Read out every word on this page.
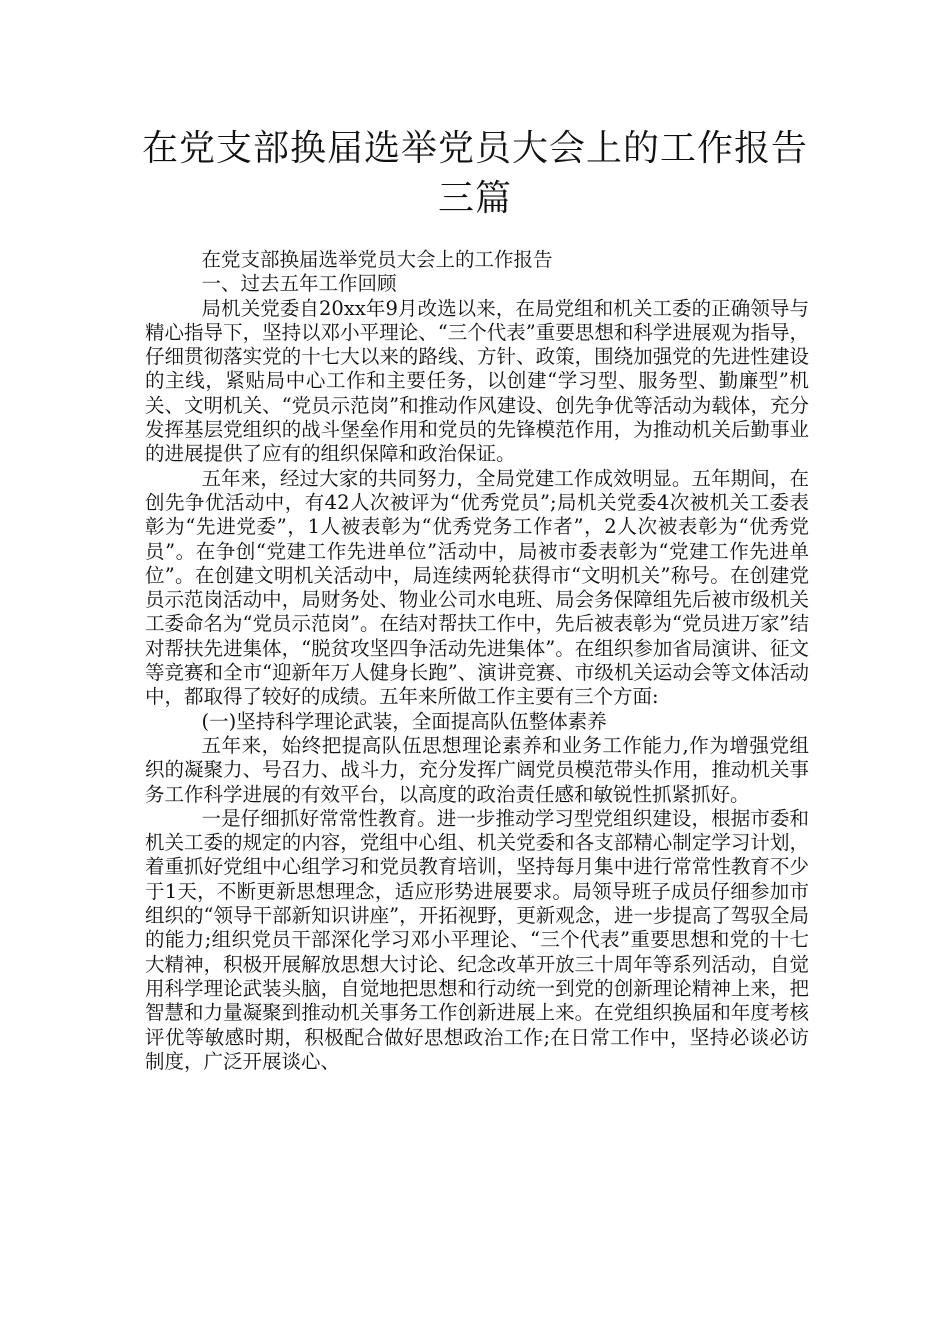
在党支部换届选举党员大会上的工作报告
三篇

在党支部换届选举党员大会上的工作报告

一、过去五年工作回顾

局机关党委自20xx年9月改选以来，在局党组和机关工委的正确领导与精心指导下，坚持以邓小平理论、“三个代表”重要思想和科学进展观为指导，仔细贯彻落实党的十七大以来的路线、方针、政策，围绕加强党的先进性建设的主线，紧贴局中心工作和主要任务，以创建“学习型、服务型、勤廉型”机关、文明机关、“党员示范岗”和推动作风建设、创先争优等活动为载体，充分发挥基层党组织的战斗堡垒作用和党员的先锋模范作用，为推动机关后勤事业的进展提供了应有的组织保障和政治保证。

五年来，经过大家的共同努力，全局党建工作成效明显。五年期间，在创先争优活动中，有42人次被评为“优秀党员”;局机关党委4次被机关工委表彰为“先进党委”，1人被表彰为“优秀党务工作者”，2人次被表彰为“优秀党员”。在争创“党建工作先进单位”活动中，局被市委表彰为“党建工作先进单位”。在创建文明机关活动中，局连续两轮获得市“文明机关”称号。在创建党员示范岗活动中，局财务处、物业公司水电班、局会务保障组先后被市级机关工委命名为“党员示范岗”。在结对帮扶工作中，先后被表彰为“党员进万家”结对帮扶先进集体，“脱贫攻坚四争活动先进集体”。在组织参加省局演讲、征文等竞赛和全市“迎新年万人健身长跑”、演讲竞赛、市级机关运动会等文体活动中，都取得了较好的成绩。五年来所做工作主要有三个方面:

(一)坚持科学理论武装，全面提高队伍整体素养

五年来，始终把提高队伍思想理论素养和业务工作能力,作为增强党组织的凝聚力、号召力、战斗力，充分发挥广阔党员模范带头作用，推动机关事务工作科学进展的有效平台，以高度的政治责任感和敏锐性抓紧抓好。

一是仔细抓好常常性教育。进一步推动学习型党组织建设，根据市委和机关工委的规定的内容，党组中心组、机关党委和各支部精心制定学习计划，着重抓好党组中心组学习和党员教育培训，坚持每月集中进行常常性教育不少于1天，不断更新思想理念，适应形势进展要求。局领导班子成员仔细参加市组织的“领导干部新知识讲座”，开拓视野，更新观念，进一步提高了驾驭全局的能力;组织党员干部深化学习邓小平理论、“三个代表”重要思想和党的十七大精神，积极开展解放思想大讨论、纪念改革开放三十周年等系列活动，自觉用科学理论武装头脑，自觉地把思想和行动统一到党的创新理论精神上来，把智慧和力量凝聚到推动机关事务工作创新进展上来。在党组织换届和年度考核评优等敏感时期，积极配合做好思想政治工作;在日常工作中，坚持必谈必访制度，广泛开展谈心、
